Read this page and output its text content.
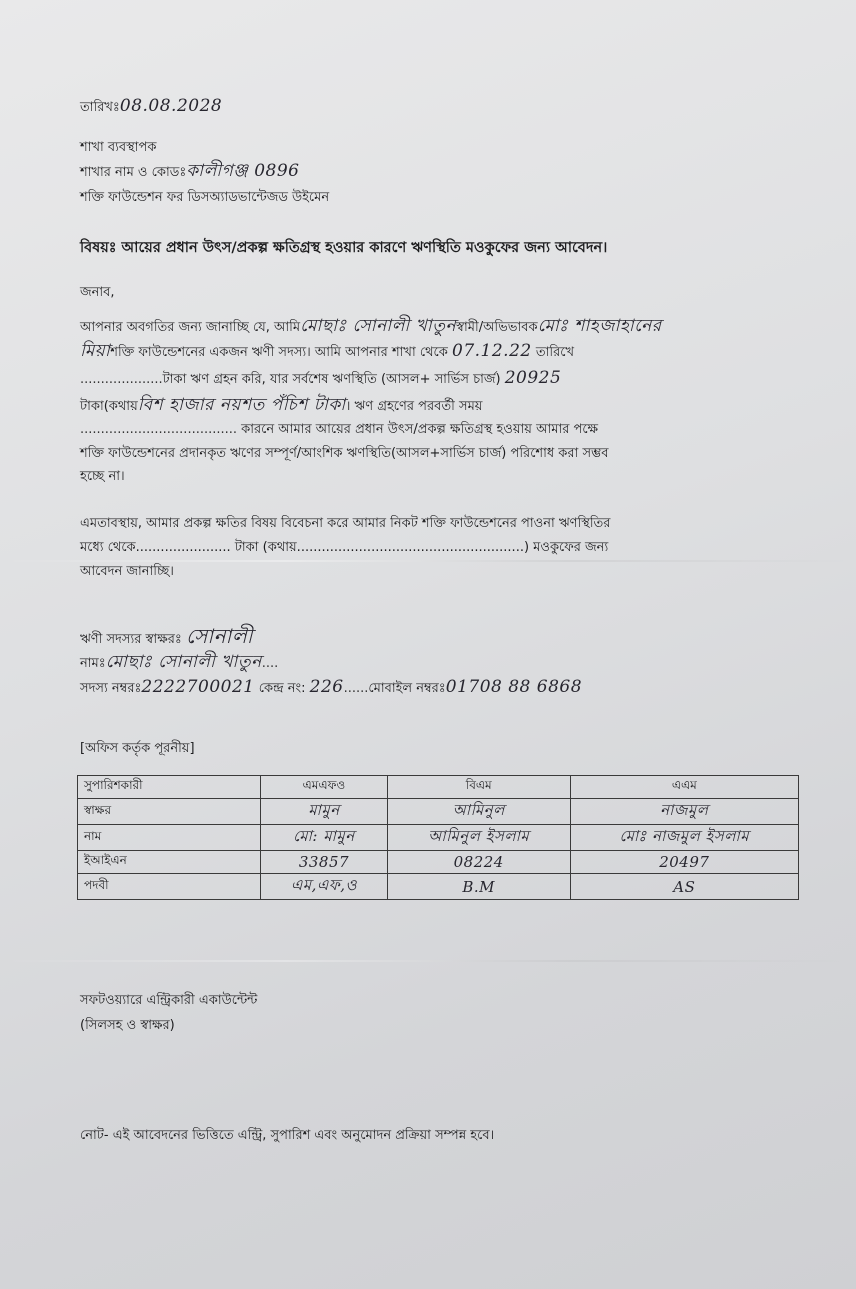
তারিখঃ08.08.2028
শাখা ব্যবস্থাপক
শাখার নাম ও কোডঃকালীগঞ্জ 0896
শক্তি ফাউন্ডেশন ফর ডিসঅ্যাডভান্টেজড উইমেন
বিষয়ঃ আয়ের প্রধান উৎস/প্রকল্প ক্ষতিগ্রস্থ হওয়ার কারণে ঋণস্থিতি মওকুফের জন্য আবেদন।
জনাব,
আপনার অবগতির জন্য জানাচ্ছি যে, আমিমোছাঃ সোনালী খাতুনস্বামী/অভিভাবকমোঃ শাহজাহানের
মিয়াশক্তি ফাউন্ডেশনের একজন ঋণী সদস্য। আমি আপনার শাখা থেকে 07.12.22 তারিখে
....................টাকা ঋণ গ্রহন করি, যার সর্বশেষ ঋণস্থিতি (আসল+ সার্ভিস চার্জ) 20925
টাকা(কথায়বিশ হাজার নয়শত পঁচিশ টাকা। ঋণ গ্রহণের পরবর্তী সময়
...................................... কারনে আমার আয়ের প্রধান উৎস/প্রকল্প ক্ষতিগ্রস্থ হওয়ায় আমার পক্ষে
শক্তি ফাউন্ডেশনের প্রদানকৃত ঋণের সম্পূর্ণ/আংশিক ঋণস্থিতি(আসল+সার্ভিস চার্জ) পরিশোধ করা সম্ভব
হচ্ছে না।
এমতাবস্থায়, আমার প্রকল্প ক্ষতির বিষয় বিবেচনা করে আমার নিকট শক্তি ফাউন্ডেশনের পাওনা ঋণস্থিতির
মধ্যে থেকে....................... টাকা (কথায়.......................................................) মওকুফের জন্য
আবেদন জানাচ্ছি।
ঋণী সদস্যর স্বাক্ষরঃ সোনালী
নামঃমোছাঃ সোনালী খাতুন....
সদস্য নম্বরঃ2222700021 কেন্দ্র নং: 226......মোবাইল নম্বরঃ01708 88 6868
[অফিস কর্তৃক পূরনীয়]
সুপারিশকারী	এমএফও	বিএম	এএম
স্বাক্ষর	মামুন	আমিনুল	নাজমুল
নাম	মো: মামুন	আমিনুল ইসলাম	মোঃ নাজমুল ইসলাম
ইআইএন	33857	08224	20497
পদবী	এম,এফ,ও	B.M	AS
সফটওয়্যারে এন্ট্রিকারী একাউন্টেন্ট
(সিলসহ ও স্বাক্ষর)
নোট- এই আবেদনের ভিত্তিতে এন্ট্রি, সুপারিশ এবং অনুমোদন প্রক্রিয়া সম্পন্ন হবে।
